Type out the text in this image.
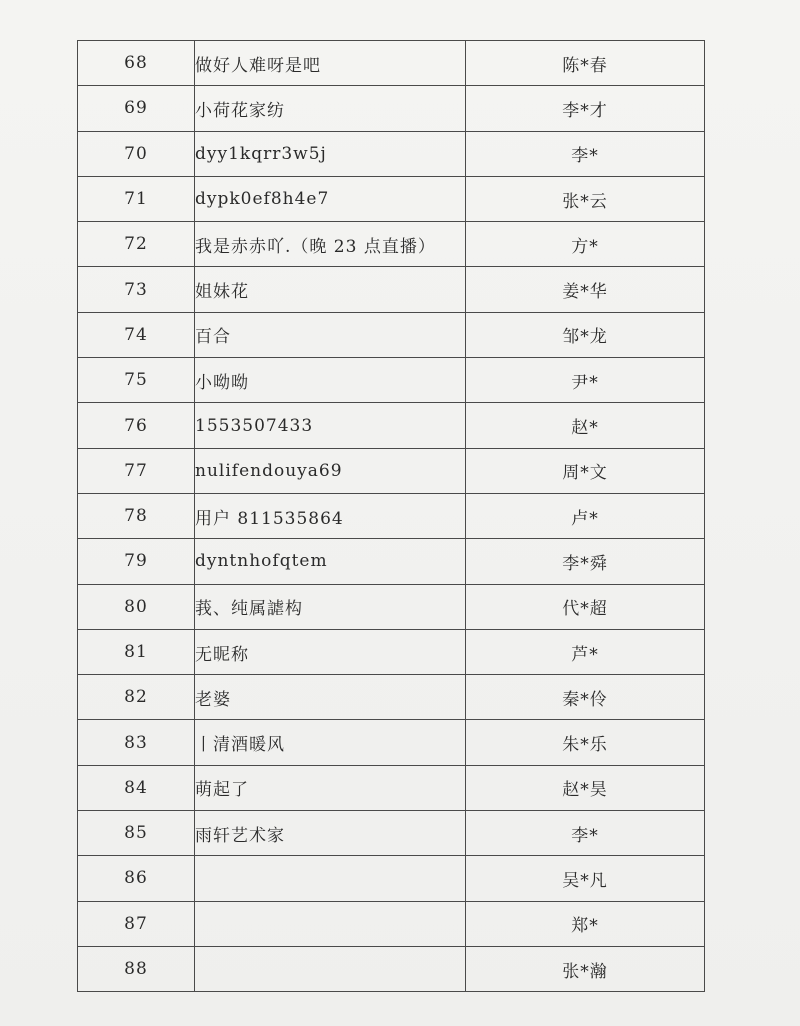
68	做好人难呀是吧	陈*春
69	小荷花家纺	李*才
70	dyy1kqrr3w5j	李*
71	dypk0ef8h4e7	张*云
72	我是赤赤吖.（晚 23 点直播）	方*
73	姐妹花	姜*华
74	百合	邹*龙
75	小呦呦	尹*
76	1553507433	赵*
77	nulifendouya69	周*文
78	用户 811535864	卢*
79	dyntnhofqtem	李*舜
80	莪、纯属謔构	代*超
81	无昵称	芦*
82	老婆	秦*伶
83	丨清酒暖风	朱*乐
84	萌起了	赵*昊
85	雨轩艺术家	李*
86		吴*凡
87		郑*
88		张*瀚
